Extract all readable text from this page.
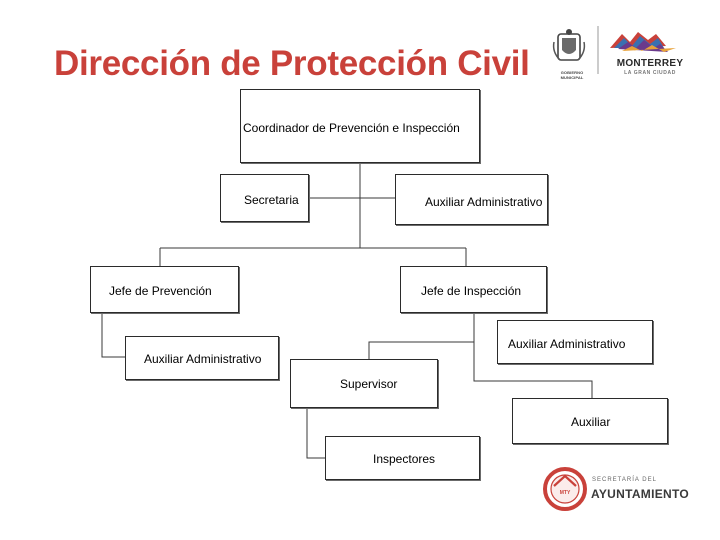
Dirección de Protección Civil	GOBIERNO MUNICIPAL
MONTERREY
LA GRAN CIUDAD
Coordinador de Prevención e Inspección
Secretaria	Auxiliar Administrativo
Jefe de Prevención	Jefe de Inspección
Auxiliar Administrativo
Auxiliar Administrativo
Supervisor
Auxiliar
Inspectores
MTY
SECRETARÍA DEL
AYUNTAMIENTO
